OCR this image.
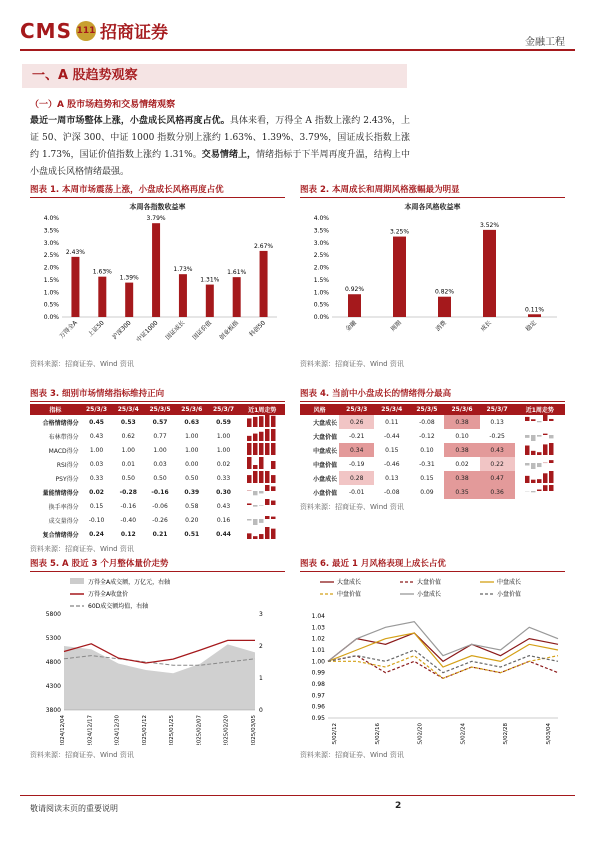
CMS 111 招商证券	金融工程
一、A 股趋势观察
（一）A 股市场趋势和交易情绪观察
最近一周市场整体上涨，小盘成长风格再度占优。具体来看，万得全 A 指数上涨约 2.43%，上证 50、沪深 300、中证 1000 指数分别上涨约 1.63%、1.39%、3.79%，国证成长指数上涨约 1.73%，国证价值指数上涨约 1.31%。交易情绪上，情绪指标于下半周再度升温，结构上中小盘成长风格情绪最强。
图表 1. 本周市场震荡上涨，小盘成长风格再度占优
本周各指数收益率
0.0%
0.5%
1.0%
1.5%
2.0%
2.5%
3.0%
3.5%
4.0%
2.43%
万得全A
1.63%
上证50
1.39%
沪深300
3.79%
中证1000
1.73%
国证成长
1.31%
国证价值
1.61%
创业板指
2.67%
科创50
资料来源：招商证券、Wind 资讯
图表 2. 本周成长和周期风格涨幅最为明显
本周各风格收益率
0.0%
0.5%
1.0%
1.5%
2.0%
2.5%
3.0%
3.5%
4.0%
0.92%
金融
3.25%
周期
0.82%
消费
3.52%
成长
0.11%
稳定
资料来源：招商证券、Wind 资讯
图表 3. 细别市场情绪指标维持正向
指标	25/3/3	25/3/4	25/3/5	25/3/6	25/3/7	近1周走势
合格情绪得分	0.45	0.53	0.57	0.63	0.59	
布林带得分	0.43	0.62	0.77	1.00	1.00	
MACD得分	1.00	1.00	1.00	1.00	1.00	
RSI得分	0.03	0.01	0.03	0.00	0.02	
PSY得分	0.33	0.50	0.50	0.50	0.33	
量能情绪得分	0.02	-0.28	-0.16	0.39	0.30	
换手率得分	0.15	-0.16	-0.06	0.58	0.43	
成交量得分	-0.10	-0.40	-0.26	0.20	0.16	
复合情绪得分	0.24	0.12	0.21	0.51	0.44	
资料来源：招商证券、Wind 资讯
图表 4. 当前中小盘成长的情绪得分最高
风格	25/3/3	25/3/4	25/3/5	25/3/6	25/3/7	近1周走势
大盘成长	0.26	0.11	-0.08	0.38	0.13	
大盘价值	-0.21	-0.44	-0.12	0.10	-0.25	
中盘成长	0.34	0.15	0.10	0.38	0.43	
中盘价值	-0.19	-0.46	-0.31	0.02	0.22	
小盘成长	0.28	0.13	0.15	0.38	0.47	
小盘价值	-0.01	-0.08	0.09	0.35	0.36	
资料来源：招商证券、Wind 资讯
图表 5. A 股近 3 个月整体量价走势
万得全A成交额，万亿元，右轴
万得全A收盘价
60D成交额均值，右轴
3800
4300
4800
5300
5800
0
1
2
3
2024/12/04	2024/12/17	2024/12/30	2025/01/12	2025/01/25	2025/02/07	2025/02/20	2025/03/05
资料来源：招商证券、Wind 资讯
图表 6. 最近 1 月风格表现上成长占优
大盘成长	大盘价值	中盘成长
中盘价值	小盘成长	小盘价值
0.95
0.96
0.97
0.98
0.99
1.00
1.01
1.02
1.03
1.04
25/02/12	25/02/16	25/02/20	25/02/24	25/02/28	25/03/04
资料来源：招商证券、Wind 资讯
敬请阅读末页的重要说明	2
